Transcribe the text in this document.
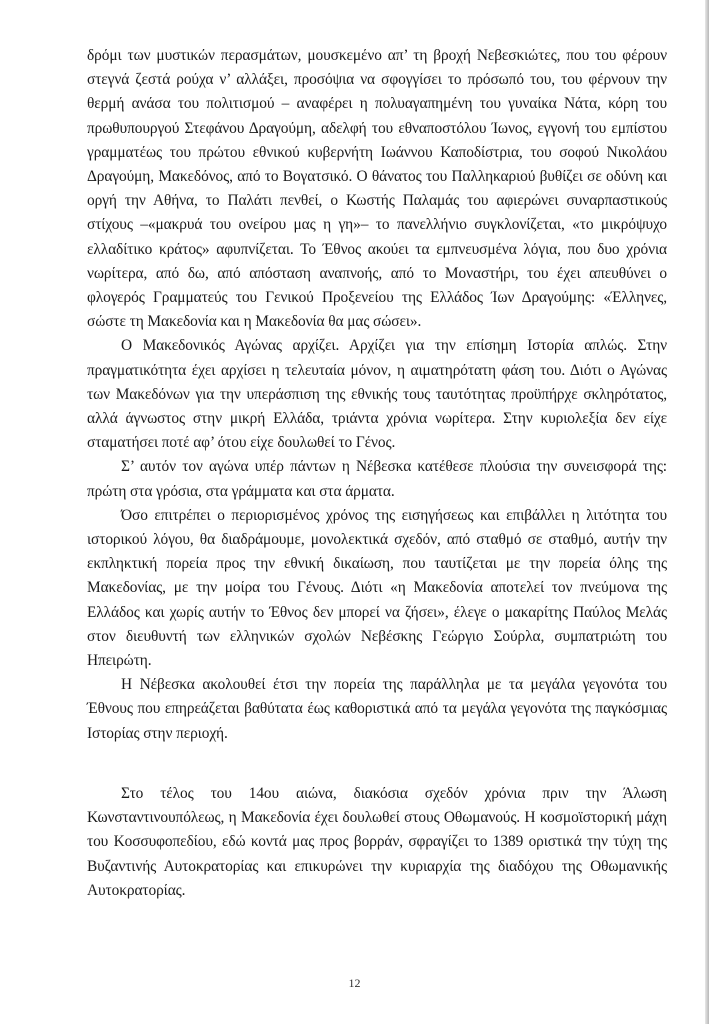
δρόμι των μυστικών περασμάτων, μουσκεμένο απ’ τη βροχή Νεβεσκιώτες, που του φέρουν στεγνά ζεστά ρούχα ν’ αλλάξει, προσόψια να σφογγίσει το πρόσωπό του, του φέρνουν την θερμή ανάσα του πολιτισμού – αναφέρει η πολυαγαπημένη του γυναίκα Νάτα, κόρη του πρωθυπουργού Στεφάνου Δραγούμη, αδελφή του εθναποστόλου Ίωνος, εγγονή του εμπίστου γραμματέως του πρώτου εθνικού κυβερνήτη Ιωάννου Καποδίστρια, του σοφού Νικολάου Δραγούμη, Μακεδόνος, από το Βογατσικό. Ο θάνατος του Παλληκαριού βυθίζει σε οδύνη και οργή την Αθήνα, το Παλάτι πενθεί, ο Κωστής Παλαμάς του αφιερώνει συναρπαστικούς στίχους –«μακρυά του ονείρου μας η γη»– το πανελλήνιο συγκλονίζεται, «το μικρόψυχο ελλαδίτικο κράτος» αφυπνίζεται. Το Έθνος ακούει τα εμπνευσμένα λόγια, που δυο χρόνια νωρίτερα, από δω, από απόσταση αναπνοής, από το Μοναστήρι, του έχει απευθύνει ο φλογερός Γραμματεύς του Γενικού Προξενείου της Ελλάδος Ίων Δραγούμης: «Έλληνες, σώστε τη Μακεδονία και η Μακεδονία θα μας σώσει».

Ο Μακεδονικός Αγώνας αρχίζει. Αρχίζει για την επίσημη Ιστορία απλώς. Στην πραγματικότητα έχει αρχίσει η τελευταία μόνον, η αιματηρότατη φάση του. Διότι ο Αγώνας των Μακεδόνων για την υπεράσπιση της εθνικής τους ταυτότητας προϋπήρχε σκληρότατος, αλλά άγνωστος στην μικρή Ελλάδα, τριάντα χρόνια νωρίτερα. Στην κυριολεξία δεν είχε σταματήσει ποτέ αφ’ ότου είχε δουλωθεί το Γένος.

Σ’ αυτόν τον αγώνα υπέρ πάντων η Νέβεσκα κατέθεσε πλούσια την συνεισφορά της: πρώτη στα γρόσια, στα γράμματα και στα άρματα.

Όσο επιτρέπει ο περιορισμένος χρόνος της εισηγήσεως και επιβάλλει η λιτότητα του ιστορικού λόγου, θα διαδράμουμε, μονολεκτικά σχεδόν, από σταθμό σε σταθμό, αυτήν την εκπληκτική πορεία προς την εθνική δικαίωση, που ταυτίζεται με την πορεία όλης της Μακεδονίας, με την μοίρα του Γένους. Διότι «η Μακεδονία αποτελεί τον πνεύμονα της Ελλάδος και χωρίς αυτήν το Έθνος δεν μπορεί να ζήσει», έλεγε ο μακαρίτης Παύλος Μελάς στον διευθυντή των ελληνικών σχολών Νεβέσκης Γεώργιο Σούρλα, συμπατριώτη του Ηπειρώτη.

Η Νέβεσκα ακολουθεί έτσι την πορεία της παράλληλα με τα μεγάλα γεγονότα του Έθνους που επηρεάζεται βαθύτατα έως καθοριστικά από τα μεγάλα γεγονότα της παγκόσμιας Ιστορίας στην περιοχή.

Στο τέλος του 14ου αιώνα, διακόσια σχεδόν χρόνια πριν την Άλωση Κωνσταντινουπόλεως, η Μακεδονία έχει δουλωθεί στους Οθωμανούς. Η κοσμοϊστορική μάχη του Κοσσυφοπεδίου, εδώ κοντά μας προς βορράν, σφραγίζει το 1389 οριστικά την τύχη της Βυζαντινής Αυτοκρατορίας και επικυρώνει την κυριαρχία της διαδόχου της Οθωμανικής Αυτοκρατορίας.

12
